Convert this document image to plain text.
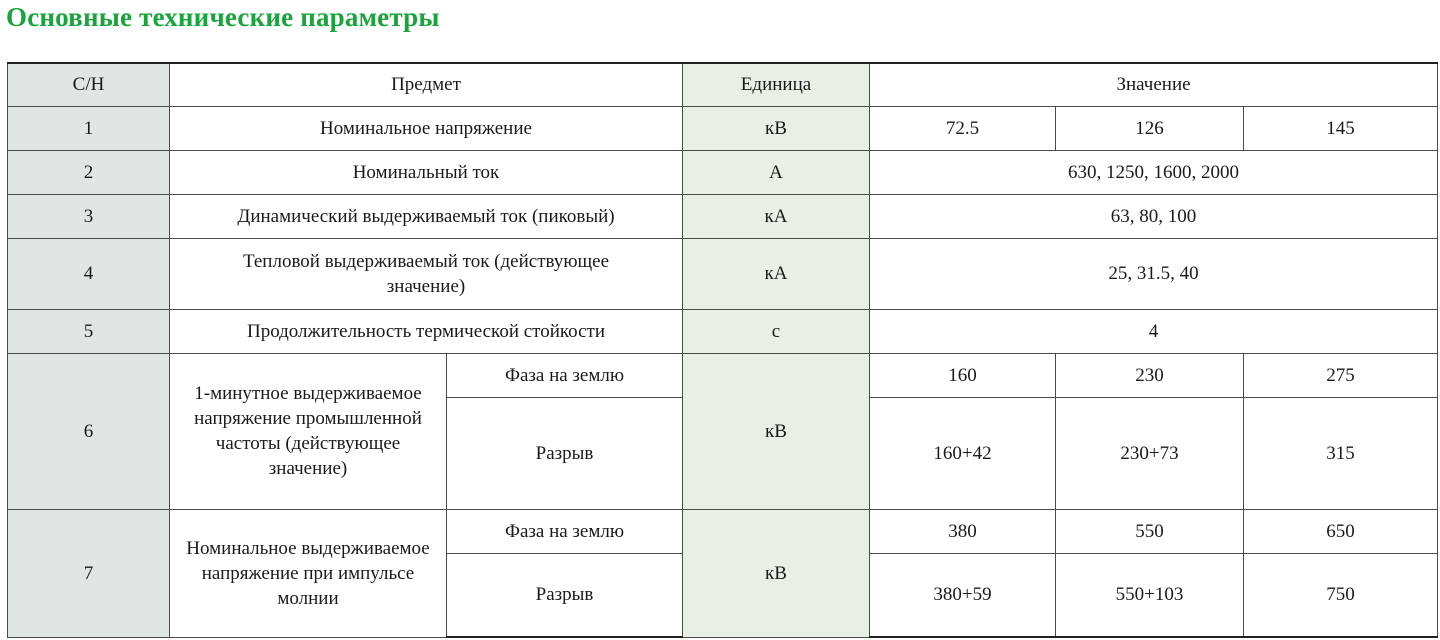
Основные технические параметры
С/Н	Предмет		Единица	Значение		
1	Номинальное напряжение		кВ	72.5	126	145
2	Номинальный ток		А	630, 1250, 1600, 2000		
3	Динамический выдерживаемый ток (пиковый)		кА	63, 80, 100		
4	Тепловой выдерживаемый ток (действующее значение)		кА	25, 31.5, 40		
5	Продолжительность термической стойкости		с	4		
6	1-минутное выдерживаемое напряжение промышленной частоты (действующее значение)	Фаза на землю	кВ	160	230	275
		Разрыв		160+42	230+73	315
7	Номинальное выдерживаемое напряжение при импульсе молнии	Фаза на землю	кВ	380	550	650
		Разрыв		380+59	550+103	750
